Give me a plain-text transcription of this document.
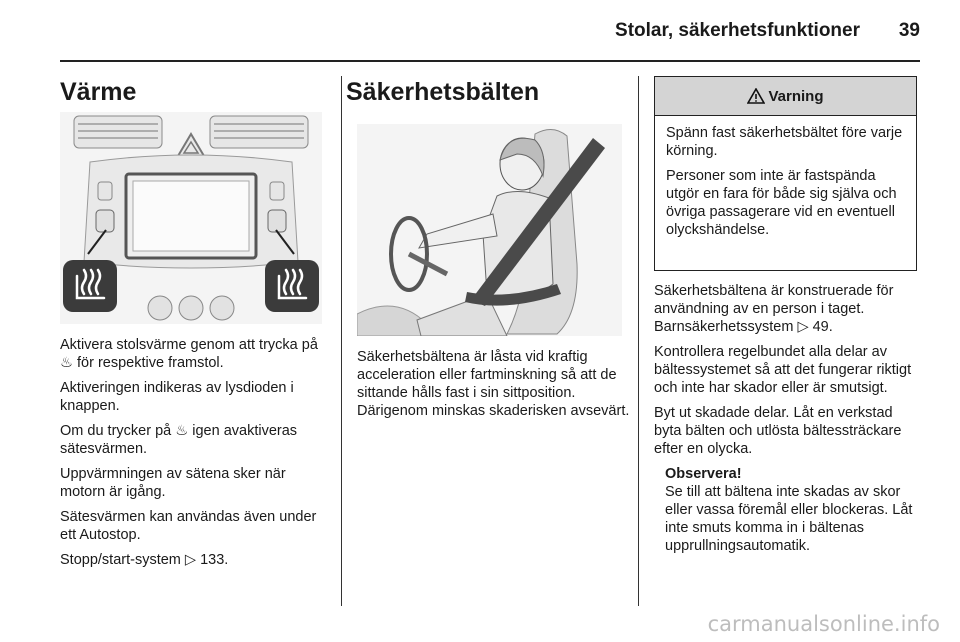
Stolar, säkerhetsfunktioner 39
Värme

Aktivera stolsvärme genom att trycka på ♨ för respektive framstol.

Aktiveringen indikeras av lysdioden i knappen.

Om du trycker på ♨ igen avaktiveras sätesvärmen.

Uppvärmningen av sätena sker när motorn är igång.

Sätesvärmen kan användas även under ett Autostop.

Stopp/start-system ▷ 133.

Säkerhetsbälten

Säkerhetsbältena är låsta vid kraftig acceleration eller fartminskning så att de sittande hålls fast i sin sittposition. Därigenom minskas skaderisken avsevärt.

Varning

Spänn fast säkerhetsbältet före varje körning.

Personer som inte är fastspända utgör en fara för både sig själva och övriga passagerare vid en eventuell olyckshändelse.

Säkerhetsbältena är konstruerade för användning av en person i taget. Barnsäkerhetssystem ▷ 49.

Kontrollera regelbundet alla delar av bältessystemet så att det fungerar riktigt och inte har skador eller är smutsigt.

Byt ut skadade delar. Låt en verkstad byta bälten och utlösta bältessträckare efter en olycka.

Observera!
Se till att bältena inte skadas av skor eller vassa föremål eller blockeras. Låt inte smuts komma in i bältenas upprullningsautomatik.
carmanualsonline.info
